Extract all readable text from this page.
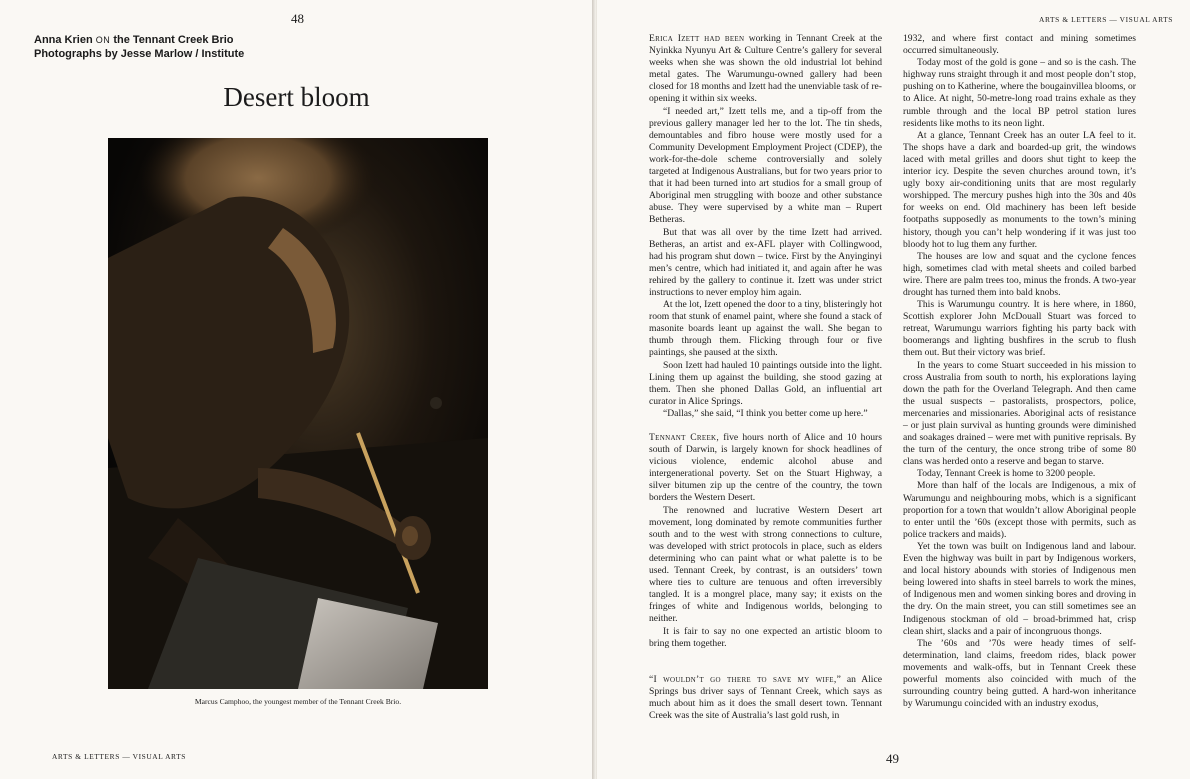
48
Anna Krien ON the Tennant Creek Brio
Photographs by Jesse Marlow / Institute
Desert bloom
Marcus Camphoo, the youngest member of the Tennant Creek Brio.
ARTS & LETTERS — VISUAL ARTS
ARTS & LETTERS — VISUAL ARTS

Erica Izett had been working in Tennant Creek at the Nyinkka Nyunyu Art & Culture Centre’s gallery for several weeks when she was shown the old industrial lot behind metal gates. The Warumungu-owned gallery had been closed for 18 months and Izett had the unenviable task of re-opening it within six weeks.

“I needed art,” Izett tells me, and a tip-off from the previous gallery manager led her to the lot. The tin sheds, demountables and fibro house were mostly used for a Community Development Employment Project (CDEP), the work-for-the-dole scheme controversially and solely targeted at Indigenous Australians, but for two years prior to that it had been turned into art studios for a small group of Aboriginal men struggling with booze and other substance abuse. They were supervised by a white man – Rupert Betheras.

But that was all over by the time Izett had arrived. Betheras, an artist and ex-AFL player with Collingwood, had his program shut down – twice. First by the Anyinginyi men’s centre, which had initiated it, and again after he was rehired by the gallery to continue it. Izett was under strict instructions to never employ him again.

At the lot, Izett opened the door to a tiny, blisteringly hot room that stunk of enamel paint, where she found a stack of masonite boards leant up against the wall. She began to thumb through them. Flicking through four or five paintings, she paused at the sixth.

Soon Izett had hauled 10 paintings outside into the light. Lining them up against the building, she stood gazing at them. Then she phoned Dallas Gold, an influential art curator in Alice Springs.

“Dallas,” she said, “I think you better come up here.”

Tennant Creek, five hours north of Alice and 10 hours south of Darwin, is largely known for shock headlines of vicious violence, endemic alcohol abuse and intergenerational poverty. Set on the Stuart Highway, a silver bitumen zip up the centre of the country, the town borders the Western Desert.

The renowned and lucrative Western Desert art movement, long dominated by remote communities further south and to the west with strong connections to culture, was developed with strict protocols in place, such as elders determining who can paint what or what palette is to be used. Tennant Creek, by contrast, is an outsiders’ town where ties to culture are tenuous and often irreversibly tangled. It is a mongrel place, many say; it exists on the fringes of white and Indigenous worlds, belonging to neither.

It is fair to say no one expected an artistic bloom to bring them together.

“I wouldn’t go there to save my wife,” an Alice Springs bus driver says of Tennant Creek, which says as much about him as it does the small desert town. Tennant Creek was the site of Australia’s last gold rush, in

1932, and where first contact and mining sometimes occurred simultaneously.

Today most of the gold is gone – and so is the cash. The highway runs straight through it and most people don’t stop, pushing on to Katherine, where the bougainvillea blooms, or to Alice. At night, 50-metre-long road trains exhale as they rumble through and the local BP petrol station lures residents like moths to its neon light.

At a glance, Tennant Creek has an outer LA feel to it. The shops have a dark and boarded-up grit, the windows laced with metal grilles and doors shut tight to keep the interior icy. Despite the seven churches around town, it’s ugly boxy air-conditioning units that are most regularly worshipped. The mercury pushes high into the 30s and 40s for weeks on end. Old machinery has been left beside footpaths supposedly as monuments to the town’s mining history, though you can’t help wondering if it was just too bloody hot to lug them any further.

The houses are low and squat and the cyclone fences high, sometimes clad with metal sheets and coiled barbed wire. There are palm trees too, minus the fronds. A two-year drought has turned them into bald knobs.

This is Warumungu country. It is here where, in 1860, Scottish explorer John McDouall Stuart was forced to retreat, Warumungu warriors fighting his party back with boomerangs and lighting bushfires in the scrub to flush them out. But their victory was brief.

In the years to come Stuart succeeded in his mission to cross Australia from south to north, his explorations laying down the path for the Overland Telegraph. And then came the usual suspects – pastoralists, prospectors, police, mercenaries and missionaries. Aboriginal acts of resistance – or just plain survival as hunting grounds were diminished and soakages drained – were met with punitive reprisals. By the turn of the century, the once strong tribe of some 80 clans was herded onto a reserve and began to starve.

Today, Tennant Creek is home to 3200 people.

More than half of the locals are Indigenous, a mix of Warumungu and neighbouring mobs, which is a significant proportion for a town that wouldn’t allow Aboriginal people to enter until the ’60s (except those with permits, such as police trackers and maids).

Yet the town was built on Indigenous land and labour. Even the highway was built in part by Indigenous workers, and local history abounds with stories of Indigenous men being lowered into shafts in steel barrels to work the mines, of Indigenous men and women sinking bores and droving in the dry. On the main street, you can still sometimes see an Indigenous stockman of old – broad-brimmed hat, crisp clean shirt, slacks and a pair of incongruous thongs.

The ’60s and ’70s were heady times of self-determination, land claims, freedom rides, black power movements and walk-offs, but in Tennant Creek these powerful moments also coincided with much of the surrounding country being gutted. A hard-won inheritance by Warumungu coincided with an industry exodus,

49
